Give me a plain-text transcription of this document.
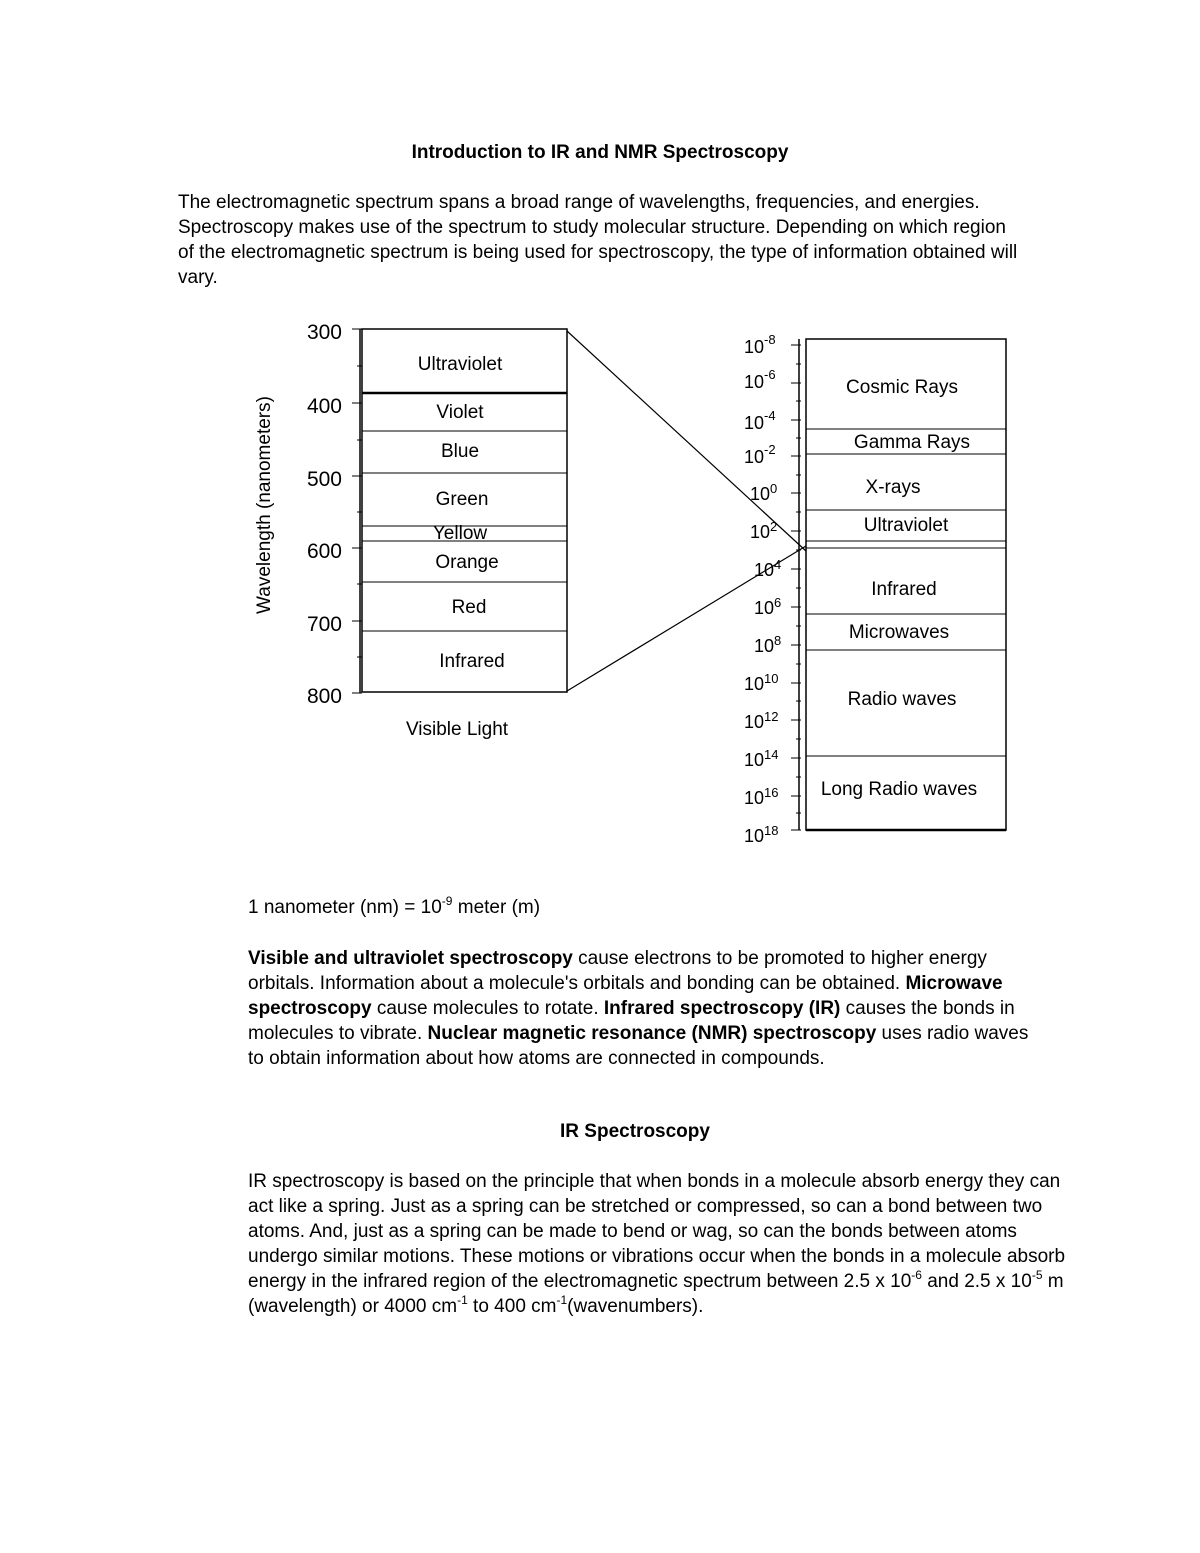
Introduction to IR and NMR Spectroscopy

The electromagnetic spectrum spans a broad range of wavelengths, frequencies, and energies. Spectroscopy makes use of the spectrum to study molecular structure. Depending on which region of the electromagnetic spectrum is being used for spectroscopy, the type of information obtained will vary.

300
400
500
600
700
800
Wavelength (nanometers)
Ultraviolet
Violet
Blue
Green
Yellow
Orange
Red
Infrared
Visible Light
$10^{-8}$
$10^{-6}$
$10^{-4}$
$10^{-2}$
$10^0$
$10^2$
$10^4$
$10^6$
$10^8$
$10^{10}$
$10^{12}$
$10^{14}$
$10^{16}$
$10^{18}$
Cosmic Rays
Gamma Rays
X-rays
Ultraviolet
Infrared
Microwaves
Radio waves
Long Radio waves
1 nanometer $(nm) = 10^{-9}$ meter (m)

Visible and ultraviolet spectroscopy cause electrons to be promoted to higher energy orbitals. Information about a molecule's orbitals and bonding can be obtained. Microwave spectroscopy cause molecules to rotate. Infrared spectroscopy (IR) causes the bonds in molecules to vibrate. Nuclear magnetic resonance (NMR) spectroscopy uses radio waves to obtain information about how atoms are connected in compounds.

IR Spectroscopy

IR spectroscopy is based on the principle that when bonds in a molecule absorb energy they can act like a spring. Just as a spring can be stretched or compressed, so can a bond between two atoms. And, just as a spring can be made to bend or wag, so can the bonds between atoms undergo similar motions. These motions or vibrations occur when the bonds in a molecule absorb energy in the infrared region of the electromagnetic spectrum between 2.5 x $10^{-6}$ and 2.5 x $10^{-5}$ m (wavelength) or 4000 $cm^{-1}$ to 400 $cm^{-1}(wavenumbers)$.
